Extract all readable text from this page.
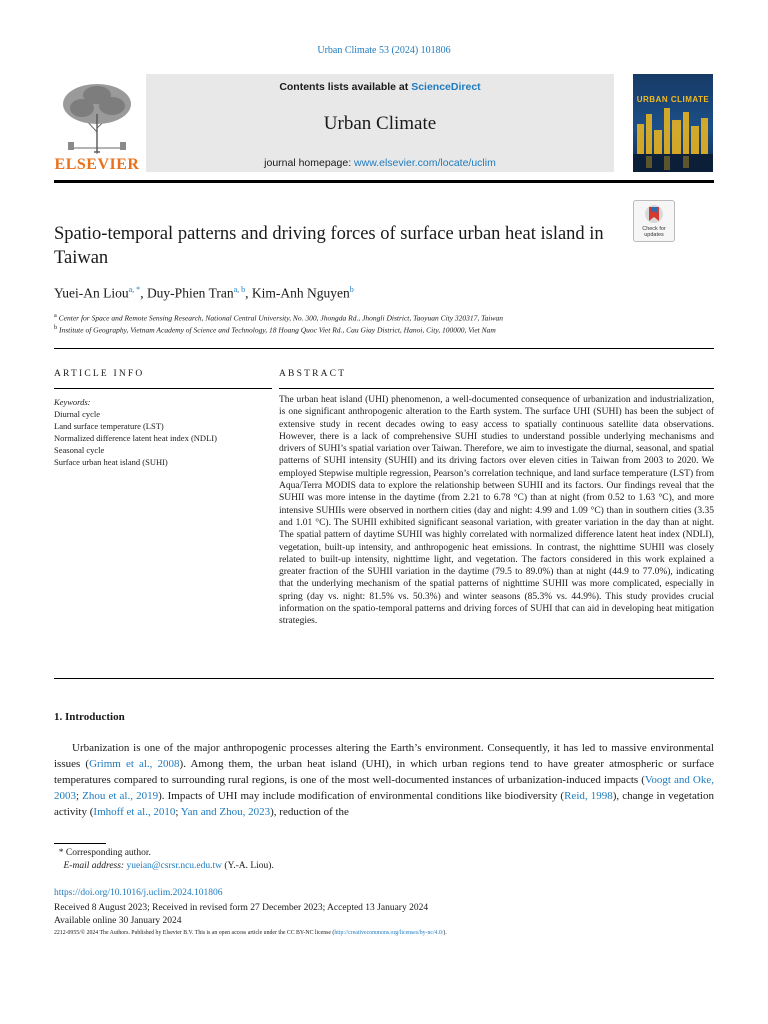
Urban Climate 53 (2024) 101806
ELSEVIER
Contents lists available at ScienceDirect
Urban Climate
journal homepage: www.elsevier.com/locate/uclim
URBAN CLIMATE
Check for updates
Spatio-temporal patterns and driving forces of surface urban heat island in Taiwan
Yuei-An Liou$^{a, *}$, Duy-Phien Tran$^{a, b}$, Kim-Anh Nguyen$^b$
$^a$ Center for Space and Remote Sensing Research, National Central University, No. 300, Jhongda Rd., Jhongli District, Taoyuan City 320317, Taiwan
$^b$ Institute of Geography, Vietnam Academy of Science and Technology, 18 Hoang Quoc Viet Rd., Cau Giay District, Hanoi, City, 100000, Viet Nam
ARTICLE INFO	ABSTRACT
Keywords:
Diurnal cycle
Land surface temperature (LST)
Normalized difference latent heat index (NDLI)
Seasonal cycle
Surface urban heat island (SUHI)
The urban heat island (UHI) phenomenon, a well-documented consequence of urbanization and industrialization, is one significant anthropogenic alteration to the Earth system. The surface UHI (SUHI) has been the subject of extensive study in recent decades owing to easy access to spatially continuous satellite data observations. However, there is a lack of comprehensive SUHI studies to understand possible underlying mechanisms and drivers of SUHI’s spatial variation over Taiwan. Therefore, we aim to investigate the diurnal, seasonal, and spatial patterns of SUHI intensity (SUHII) and its driving factors over eleven cities in Taiwan from 2003 to 2020. We employed Stepwise multiple regression, Pearson’s correlation technique, and land surface temperature (LST) from Aqua/Terra MODIS data to explore the relationship between SUHII and its factors. Our findings reveal that the SUHII was more intense in the daytime (from 2.21 to 6.78 °C) than at night (from 0.52 to 1.63 °C), and more intensive SUHIIs were observed in northern cities (day and night: 4.99 and 1.09 °C) than in southern cities (3.35 and 1.01 °C). The SUHII exhibited significant seasonal variation, with greater variation in the day than at night. The spatial pattern of daytime SUHII was highly correlated with normalized difference latent heat index (NDLI), vegetation, built-up intensity, and anthropogenic heat emissions. In contrast, the nighttime SUHII was closely related to built-up intensity, nighttime light, and vegetation. The factors considered in this work explained a greater fraction of the SUHII variation in the daytime (79.5 to 89.0%) than at night (44.9 to 77.0%), indicating that the underlying mechanism of the spatial patterns of nighttime SUHII was more complicated, especially in spring (day vs. night: 81.5% vs. 50.3%) and winter seasons (85.3% vs. 44.9%). This study provides crucial information on the spatio-temporal patterns and driving forces of SUHI that can aid in developing heat mitigation strategies.
1. Introduction
Urbanization is one of the major anthropogenic processes altering the Earth’s environment. Consequently, it has led to massive environmental issues (Grimm et al., 2008). Among them, the urban heat island (UHI), in which urban regions tend to have greater atmospheric or surface temperatures compared to surrounding rural regions, is one of the most well-documented instances of urbanization-induced impacts (Voogt and Oke, 2003; Zhou et al., 2019). Impacts of UHI may include modification of environmental conditions like biodiversity (Reid, 1998), change in vegetation activity (Imhoff et al., 2010; Yan and Zhou, 2023), reduction of the
* Corresponding author.
E-mail address: yueian@csrsr.ncu.edu.tw (Y.-A. Liou).
https://doi.org/10.1016/j.uclim.2024.101806
Received 8 August 2023; Received in revised form 27 December 2023; Accepted 13 January 2024
Available online 30 January 2024
2212-0955/© 2024 The Authors. Published by Elsevier B.V. This is an open access article under the CC BY-NC license (http://creativecommons.org/licenses/by-nc/4.0/).
